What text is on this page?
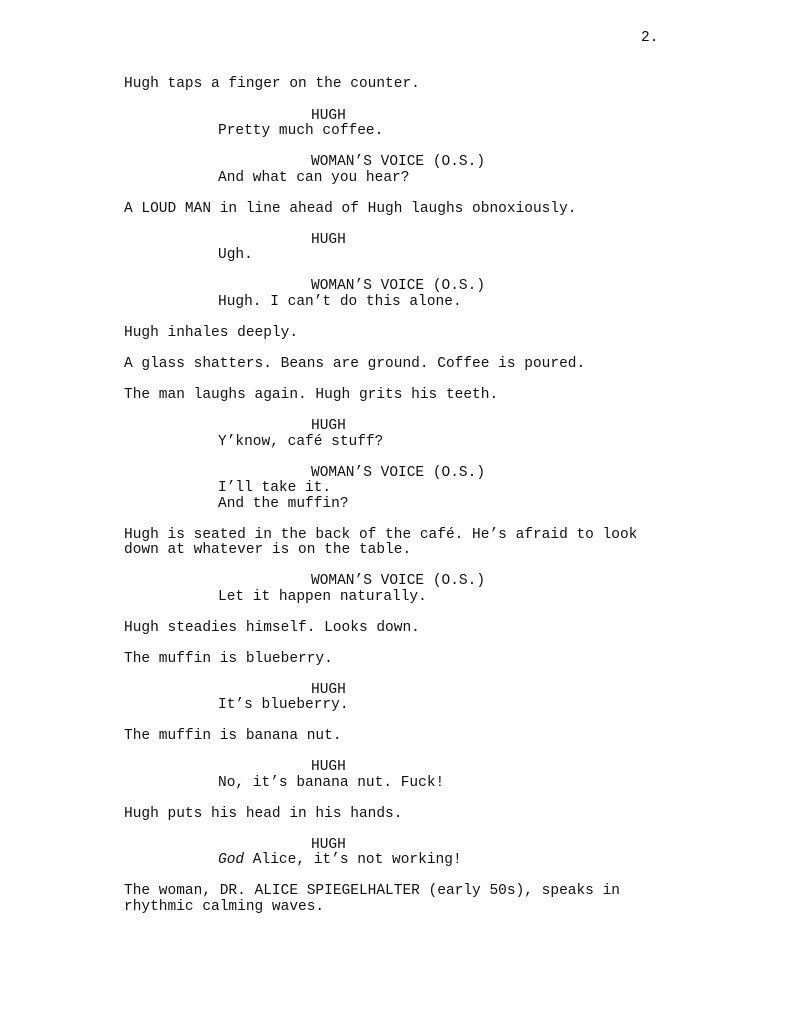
2.
Hugh taps a finger on the counter.
HUGH
Pretty much coffee.
WOMAN’S VOICE (O.S.)
And what can you hear?
A LOUD MAN in line ahead of Hugh laughs obnoxiously.
HUGH
Ugh.
WOMAN’S VOICE (O.S.)
Hugh. I can’t do this alone.
Hugh inhales deeply.
A glass shatters. Beans are ground. Coffee is poured.
The man laughs again. Hugh grits his teeth.
HUGH
Y’know, café stuff?
WOMAN’S VOICE (O.S.)
I’ll take it.
And the muffin?
Hugh is seated in the back of the café. He’s afraid to look
down at whatever is on the table.
WOMAN’S VOICE (O.S.)
Let it happen naturally.
Hugh steadies himself. Looks down.
The muffin is blueberry.
HUGH
It’s blueberry.
The muffin is banana nut.
HUGH
No, it’s banana nut. Fuck!
Hugh puts his head in his hands.
HUGH
God Alice, it’s not working!
The woman, DR. ALICE SPIEGELHALTER (early 50s), speaks in
rhythmic calming waves.
